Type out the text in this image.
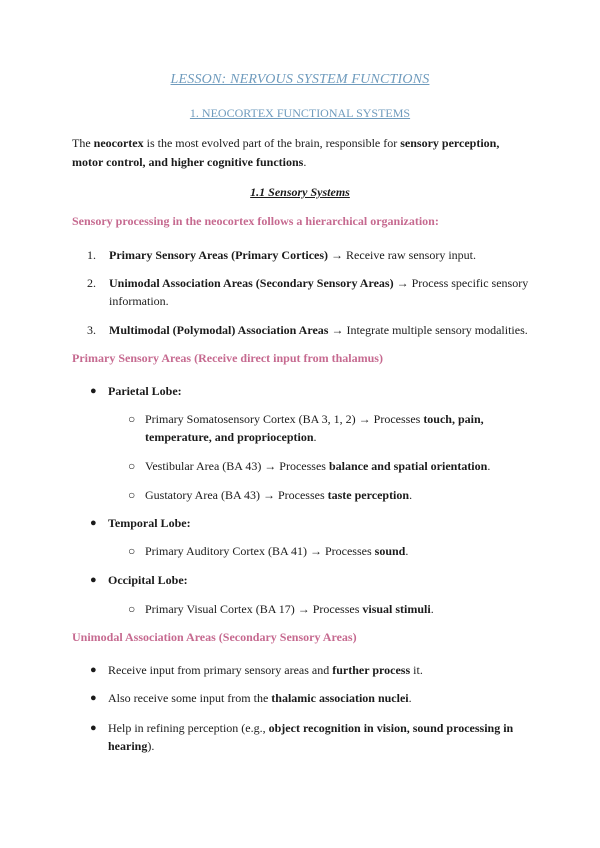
LESSON: NERVOUS SYSTEM FUNCTIONS
1. NEOCORTEX FUNCTIONAL SYSTEMS
The neocortex is the most evolved part of the brain, responsible for sensory perception, motor control, and higher cognitive functions.
1.1 Sensory Systems
Sensory processing in the neocortex follows a hierarchical organization:
1. Primary Sensory Areas (Primary Cortices) → Receive raw sensory input.
2. Unimodal Association Areas (Secondary Sensory Areas) → Process specific sensory information.
3. Multimodal (Polymodal) Association Areas → Integrate multiple sensory modalities.
Primary Sensory Areas (Receive direct input from thalamus)
● Parietal Lobe:
○ Primary Somatosensory Cortex (BA 3, 1, 2) → Processes touch, pain, temperature, and proprioception.
○ Vestibular Area (BA 43) → Processes balance and spatial orientation.
○ Gustatory Area (BA 43) → Processes taste perception.
● Temporal Lobe:
○ Primary Auditory Cortex (BA 41) → Processes sound.
● Occipital Lobe:
○ Primary Visual Cortex (BA 17) → Processes visual stimuli.
Unimodal Association Areas (Secondary Sensory Areas)
● Receive input from primary sensory areas and further process it.
● Also receive some input from the thalamic association nuclei.
● Help in refining perception (e.g., object recognition in vision, sound processing in hearing).
